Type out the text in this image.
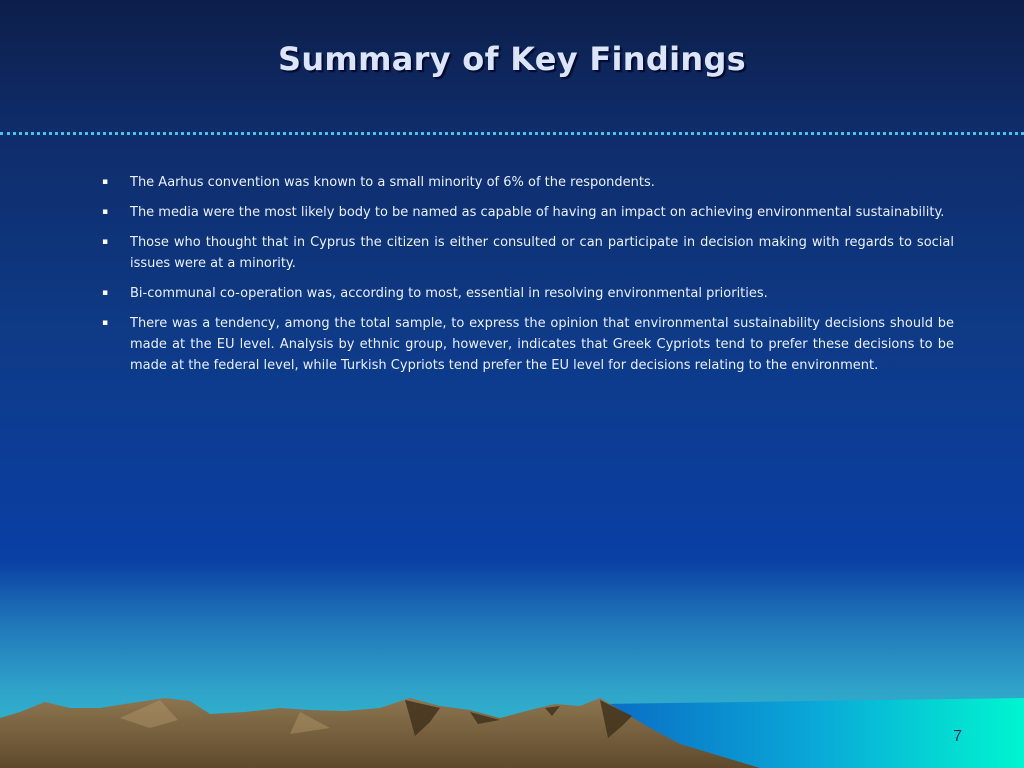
Summary of Key Findings
▪ The Aarhus convention was known to a small minority of 6% of the respondents.
▪ The media were the most likely body to be named as capable of having an impact on achieving environmental sustainability.
▪ Those who thought that in Cyprus the citizen is either consulted or can participate in decision making with regards to social issues were at a minority.
▪ Bi-communal co-operation was, according to most, essential in resolving environmental priorities.
▪ There was a tendency, among the total sample, to express the opinion that environmental sustainability decisions should be made at the EU level. Analysis by ethnic group, however, indicates that Greek Cypriots tend to prefer these decisions to be made at the federal level, while Turkish Cypriots tend prefer the EU level for decisions relating to the environment.
7
